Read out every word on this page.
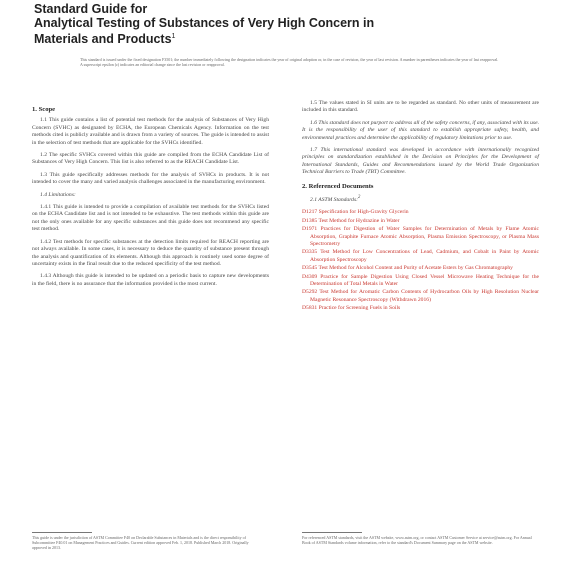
Standard Guide for
Analytical Testing of Substances of Very High Concern in
Materials and Products$^1$
This standard is issued under the fixed designation F3501; the number immediately following the designation indicates the year of original adoption or, in the case of revision, the year of last revision. A number in parentheses indicates the year of last reapproval. A superscript epsilon (ε) indicates an editorial change since the last revision or reapproval.
1. Scope

1.1 This guide contains a list of potential test methods for the analysis of Substances of Very High Concern (SVHC) as designated by ECHA, the European Chemicals Agency. Information on the test methods cited is publicly available and is drawn from a variety of sources. The guide is intended to assist in the selection of test methods that are applicable for the SVHCs identified.

1.2 The specific SVHCs covered within this guide are compiled from the ECHA Candidate List of Substances of Very High Concern. This list is also referred to as the REACH Candidate List.

1.3 This guide specifically addresses methods for the analysis of SVHCs in products. It is not intended to cover the many and varied analysis challenges associated in the manufacturing environment.

1.4 Limitations:

1.4.1 This guide is intended to provide a compilation of available test methods for the SVHCs listed on the ECHA Candidate list and is not intended to be exhaustive. The test methods within this guide are not the only ones available for any specific substances and this guide does not recommend any specific test method.

1.4.2 Test methods for specific substances at the detection limits required for REACH reporting are not always available. In some cases, it is necessary to deduce the quantity of substance present through the analysis and quantification of its elements. Although this approach is routinely used some degree of uncertainty exists in the final result due to the reduced specificity of the test method.

1.4.3 Although this guide is intended to be updated on a periodic basis to capture new developments in the field, there is no assurance that the information provided is the most current.

1.5 The values stated in SI units are to be regarded as standard. No other units of measurement are included in this standard.

1.6 This standard does not purport to address all of the safety concerns, if any, associated with its use. It is the responsibility of the user of this standard to establish appropriate safety, health, and environmental practices and determine the applicability of regulatory limitations prior to use.

1.7 This international standard was developed in accordance with internationally recognized principles on standardization established in the Decision on Principles for the Development of International Standards, Guides and Recommendations issued by the World Trade Organization Technical Barriers to Trade (TBT) Committee.

2. Referenced Documents
2.1 ASTM Standards:$^2$
D1217 Specification for High-Gravity Glycerin
D1385 Test Method for Hydrazine in Water
D1971 Practices for Digestion of Water Samples for Determination of Metals by Flame Atomic Absorption, Graphite Furnace Atomic Absorption, Plasma Emission Spectroscopy, or Plasma Mass Spectrometry
D3335 Test Method for Low Concentrations of Lead, Cadmium, and Cobalt in Paint by Atomic Absorption Spectroscopy
D3545 Test Method for Alcohol Content and Purity of Acetate Esters by Gas Chromatography
D4309 Practice for Sample Digestion Using Closed Vessel Microwave Heating Technique for the Determination of Total Metals in Water
D5292 Test Method for Aromatic Carbon Contents of Hydrocarbon Oils by High Resolution Nuclear Magnetic Resonance Spectroscopy (Withdrawn 2016)
D5831 Practice for Screening Fuels in Soils
This guide is under the jurisdiction of ASTM Committee F40 on Declarable Substances in Materials and is the direct responsibility of Subcommittee F40.01 on Management Practices and Guides. Current edition approved Feb. 1, 2018. Published March 2018. Originally approved in 2013.
For referenced ASTM standards, visit the ASTM website, www.astm.org, or contact ASTM Customer Service at service@astm.org. For Annual Book of ASTM Standards volume information, refer to the standard's Document Summary page on the ASTM website.
